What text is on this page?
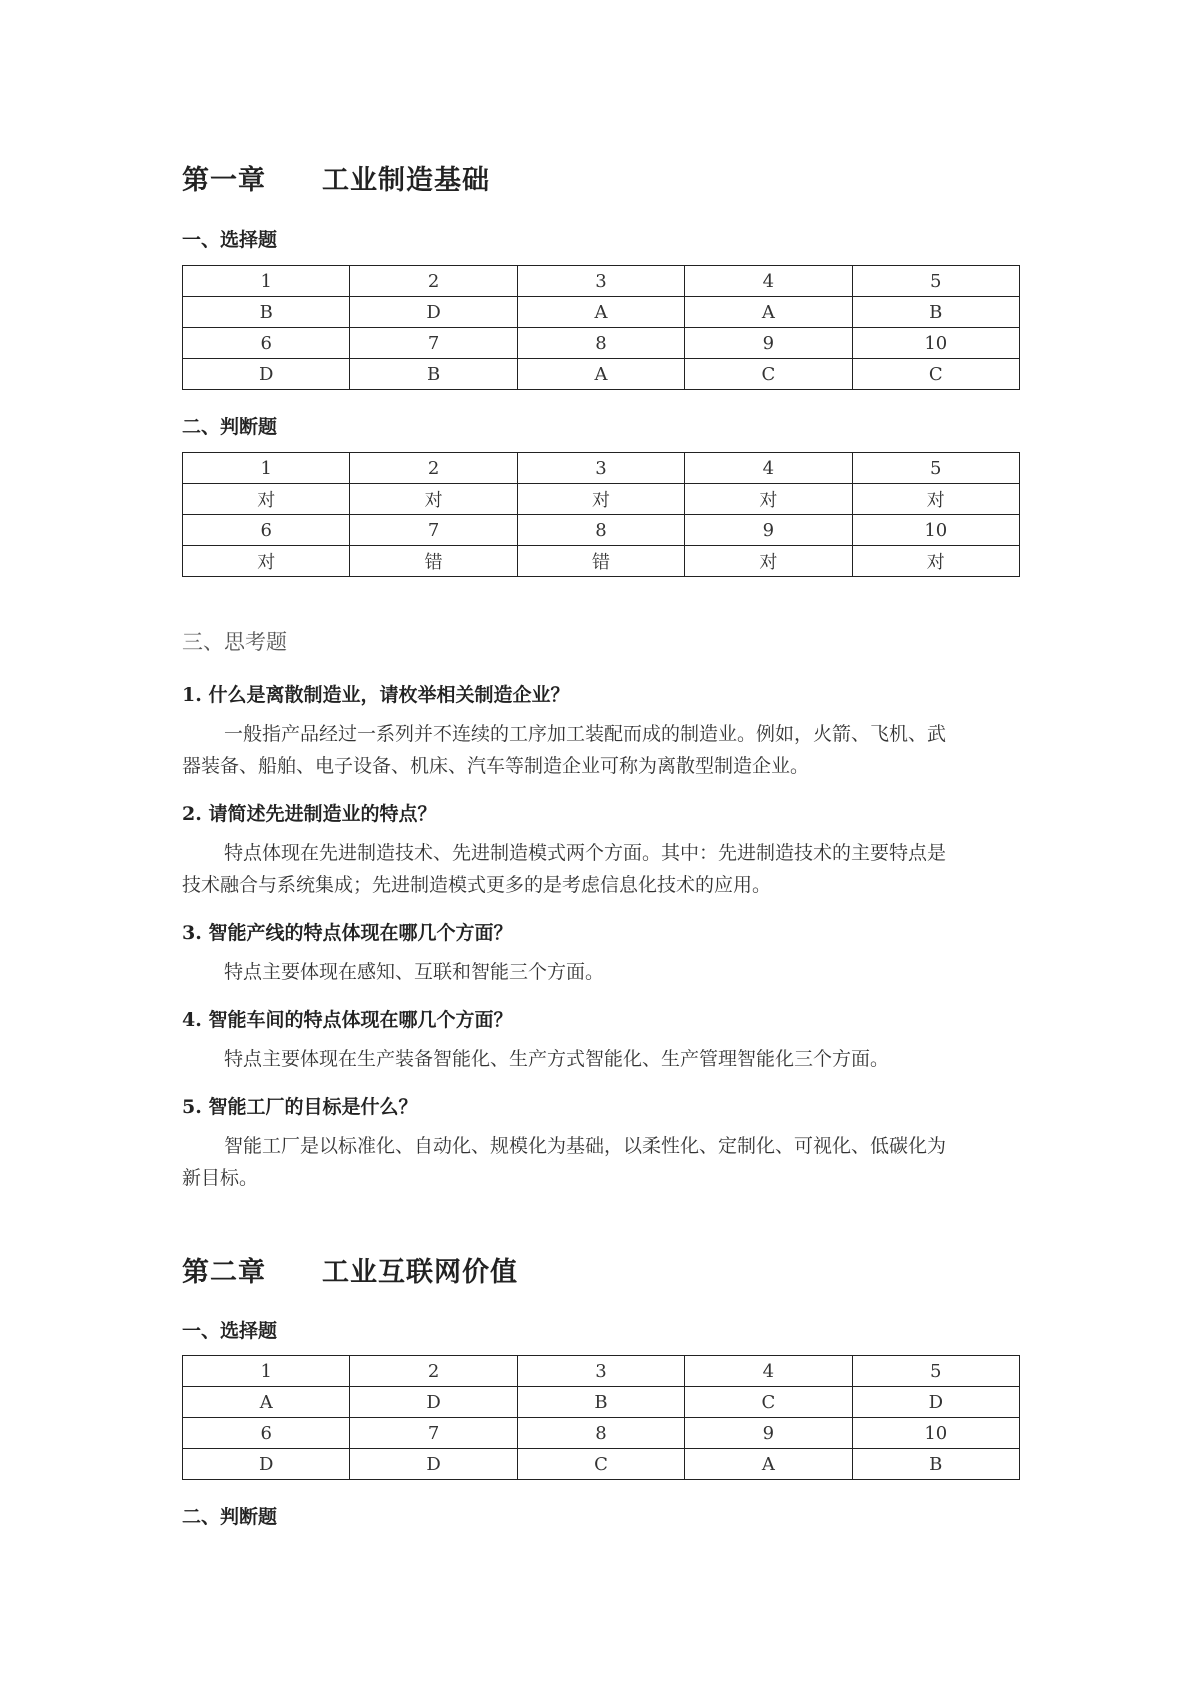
第一章 工业制造基础
一、选择题
1	2	3	4	5
B	D	A	A	B
6	7	8	9	10
D	B	A	C	C
二、判断题
1	2	3	4	5
对	对	对	对	对
6	7	8	9	10
对	错	错	对	对
三、思考题
1. 什么是离散制造业，请枚举相关制造企业？
一般指产品经过一系列并不连续的工序加工装配而成的制造业。例如，火箭、飞机、武
器装备、船舶、电子设备、机床、汽车等制造企业可称为离散型制造企业。
2. 请简述先进制造业的特点？
特点体现在先进制造技术、先进制造模式两个方面。其中：先进制造技术的主要特点是
技术融合与系统集成；先进制造模式更多的是考虑信息化技术的应用。
3. 智能产线的特点体现在哪几个方面？
特点主要体现在感知、互联和智能三个方面。
4. 智能车间的特点体现在哪几个方面？
特点主要体现在生产装备智能化、生产方式智能化、生产管理智能化三个方面。
5. 智能工厂的目标是什么？
智能工厂是以标准化、自动化、规模化为基础，以柔性化、定制化、可视化、低碳化为
新目标。
第二章 工业互联网价值
一、选择题
1	2	3	4	5
A	D	B	C	D
6	7	8	9	10
D	D	C	A	B
二、判断题
